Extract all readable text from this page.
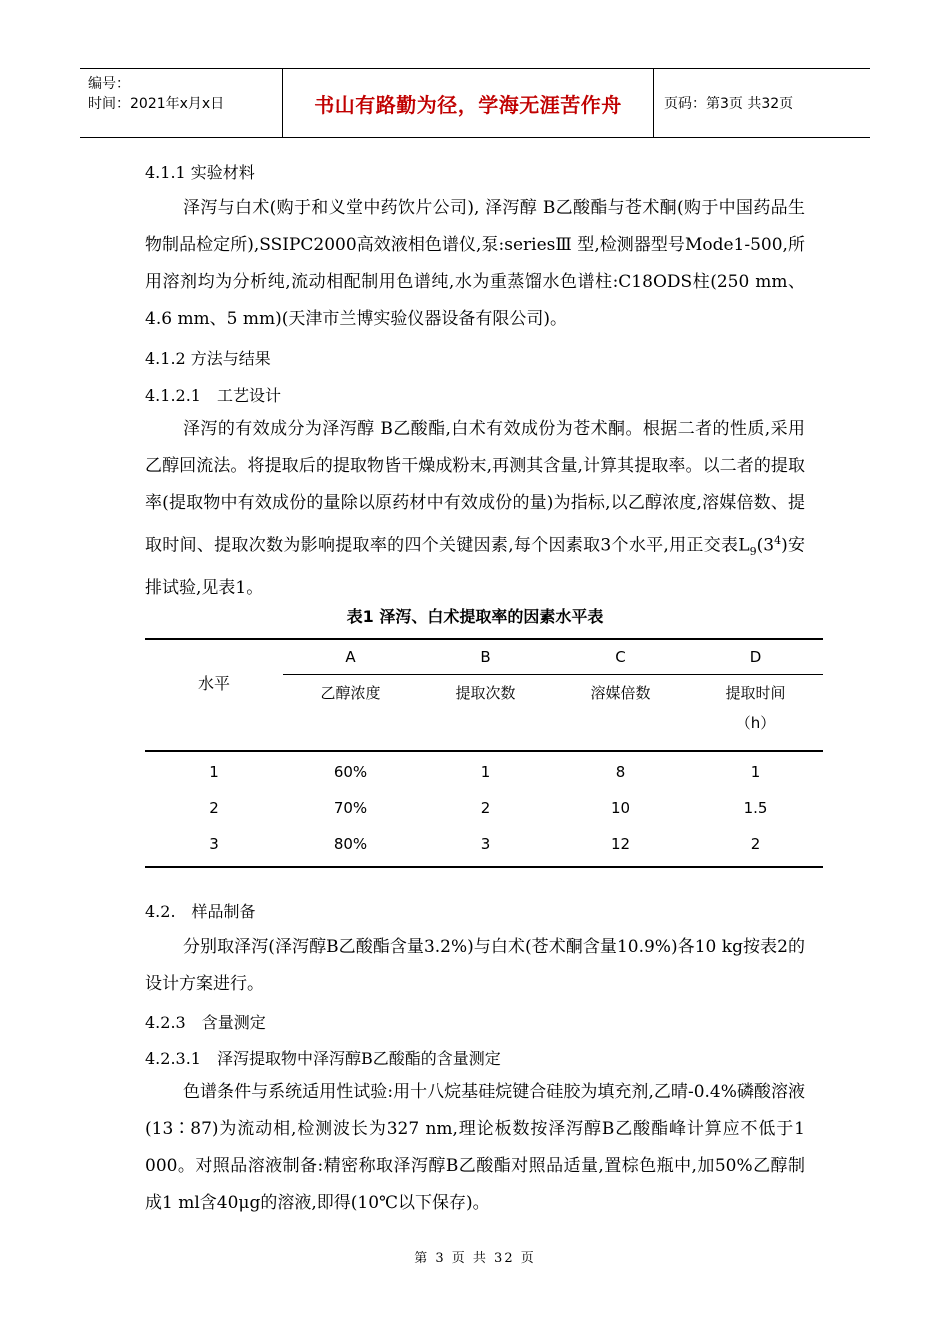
编号：
时间：2021年x月x日	书山有路勤为径，学海无涯苦作舟	页码：第3页 共32页
4.1.1 实验材料
泽泻与白术(购于和义堂中药饮片公司), 泽泻醇 B乙酸酯与苍术酮(购于中国药品生物制品检定所),SSIPC2000高效液相色谱仪,泵:seriesⅢ 型,检测器型号Mode1-500,所用溶剂均为分析纯,流动相配制用色谱纯,水为重蒸馏水色谱柱:C18ODS柱(250 mm、4.6 mm、5 mm)(天津市兰博实验仪器设备有限公司)。
4.1.2 方法与结果
4.1.2.1　工艺设计
泽泻的有效成分为泽泻醇 B乙酸酯,白术有效成份为苍术酮。根据二者的性质,采用乙醇回流法。将提取后的提取物皆干燥成粉末,再测其含量,计算其提取率。以二者的提取率(提取物中有效成份的量除以原药材中有效成份的量)为指标,以乙醇浓度,溶媒倍数、提取时间、提取次数为影响提取率的四个关键因素,每个因素取3个水平,用正交表$L_9(3^4)$安排试验,见表1。
表1 泽泻、白术提取率的因素水平表
水平
A	B	C	D
乙醇浓度	提取次数	溶媒倍数	提取时间
（h）
1	60%	1	8	1
2	70%	2	10	1.5
3	80%	3	12	2
4.2.　样品制备
分别取泽泻(泽泻醇B乙酸酯含量3.2%)与白术(苍术酮含量10.9%)各10 kg按表2的设计方案进行。
4.2.3　含量测定
4.2.3.1　泽泻提取物中泽泻醇B乙酸酯的含量测定
色谱条件与系统适用性试验:用十八烷基硅烷键合硅胶为填充剂,乙晴-0.4%磷酸溶液(13∶87)为流动相,检测波长为327 nm,理论板数按泽泻醇B乙酸酯峰计算应不低于1 000。对照品溶液制备:精密称取泽泻醇B乙酸酯对照品适量,置棕色瓶中,加50%乙醇制成1 ml含40μg的溶液,即得(10℃以下保存)。
第 3 页 共 32 页
